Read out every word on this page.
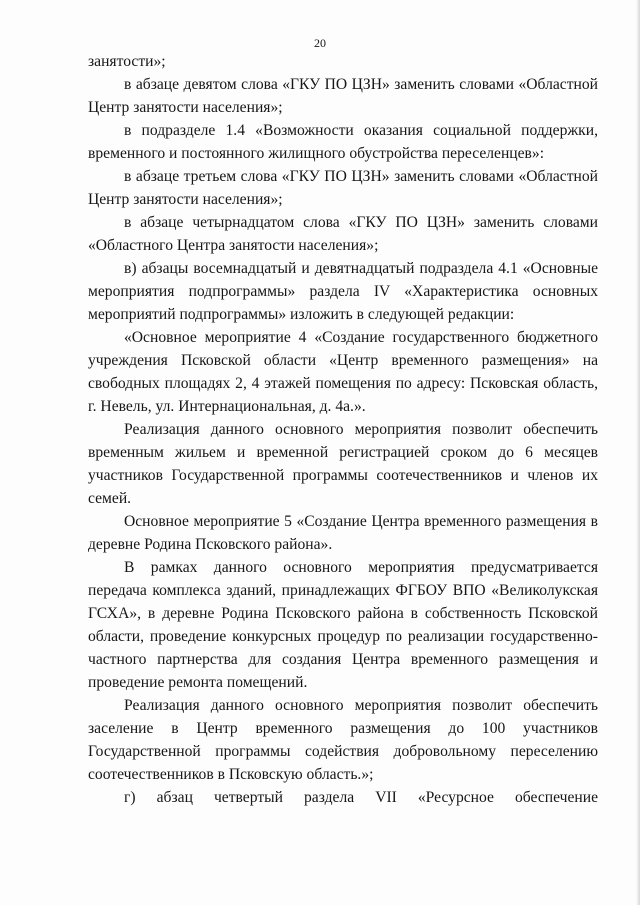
20

занятости»;

в абзаце девятом слова «ГКУ ПО ЦЗН» заменить словами «Областной Центр занятости населения»;

в подразделе 1.4 «Возможности оказания социальной поддержки, временного и постоянного жилищного обустройства переселенцев»:

в абзаце третьем слова «ГКУ ПО ЦЗН» заменить словами «Областной Центр занятости населения»;

в абзаце четырнадцатом слова «ГКУ ПО ЦЗН» заменить словами «Областного Центра занятости населения»;

в) абзацы восемнадцатый и девятнадцатый подраздела 4.1 «Основные мероприятия подпрограммы» раздела IV «Характеристика основных мероприятий подпрограммы» изложить в следующей редакции:

«Основное мероприятие 4 «Создание государственного бюджетного учреждения Псковской области «Центр временного размещения» на свободных площадях 2, 4 этажей помещения по адресу: Псковская область, г. Невель, ул. Интернациональная, д. 4а.».

Реализация данного основного мероприятия позволит обеспечить временным жильем и временной регистрацией сроком до 6 месяцев участников Государственной программы соотечественников и членов их семей.

Основное мероприятие 5 «Создание Центра временного размещения в деревне Родина Псковского района».

В рамках данного основного мероприятия предусматривается передача комплекса зданий, принадлежащих ФГБОУ ВПО «Великолукская ГСХА», в деревне Родина Псковского района в собственность Псковской области, проведение конкурсных процедур по реализации государственно-частного партнерства для создания Центра временного размещения и проведение ремонта помещений.

Реализация данного основного мероприятия позволит обеспечить заселение в Центр временного размещения до 100 участников Государственной программы содействия добровольному переселению соотечественников в Псковскую область.»;

г) абзац четвертый раздела VII «Ресурсное обеспечение
